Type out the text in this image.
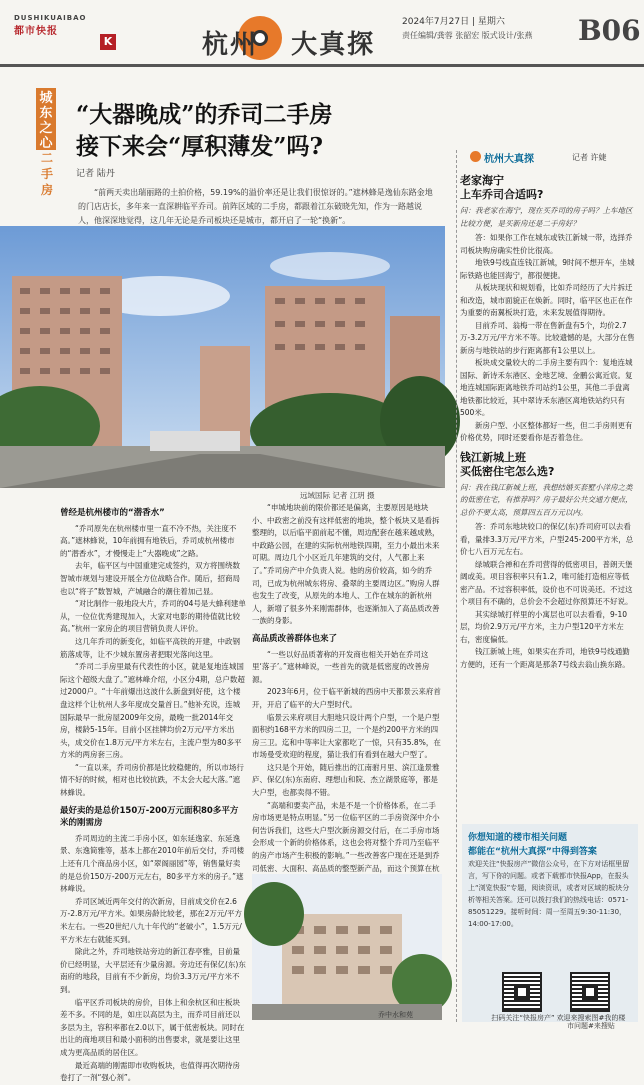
DUSHIKUAIBAO
都市快报
K	杭州   大真探
2024年7月27日 | 星期六
责任编辑/龚蓉 张韶宏 版式设计/张燕 B06
城东之心
二手房
“大器晚成”的乔司二手房
接下来会“厚积薄发”吗?
记者 陆丹

“前两天卖出瑞丽路的土拍价格，59.19%的溢价率还是让我们很惊讶的。”遮林蜂是逸仙东路金地的门店店长，多年来一直深耕临平乔司。前阵区域的二手房，都跟着江东破晓先知，作为一路越说人，他深深地觉得，这几年无论是乔司板块还是城市，都开启了一轮“换新”。

远域国际 记者 江玥 摄
曾经是杭州楼市的“潜香水”

“乔司原先在杭州楼市里一直不冷不热，关注度不高。”遮林蜂说，10年前拥有地铁后，乔司成杭州楼市的“潜香水”，才慢慢走上“大器晚成”之路。

去年，临平区与中国重建完成签约，双方将围绕数智城市规划与建设开展全方位战略合作。随后，招商局也以“将子”数智城，产城融合的潮住着加己显。

“对比制作一般地段大片，乔司的04号是大蜂利建单从，一位位优秀建现加入，大家对电影的期待值就比较高。”杭州一家房企的项目营销负责人评价。

这几年乔司的新变化，如临平高铁的开建，中政钢筋落成等，让不少城东置房者把眼光落向这里。

“乔司二手房里最有代表性的小区，就是复地连城国际这个超级大盘了。”遮林峰介绍，小区分4期，总户数超过2000户。“十年前爆出这波什么新盘到好使，这个楼盘这样个让杭州人多年度成交量首日。”他补充说，连城国际最早一批房屋2009年交房，最晚一批2014年交房，楼龄5-15年。目前小区挂牌均价2万元/平方米出头，成交价在1.8万元/平方米左右，主流户型为80多平方米的两房套三房。

“一直以来，乔司房价都是比较稳健的，所以市场行情不好的时候，相对也比较抗跌，不太会大起大落。”遮林蜂说。

最好卖的是总价150万-200万元面积80多平方米的刚需房

乔司周边的主流二手房小区，如东延逸家、东延逸景、东逸简雅等，基本上都在2010年前后交付，乔司楼上还有几个商品房小区，如“翠阁丽园”等，销售量好卖的是总价150万-200万元左右，80多平方米的房子。”遮林峰说。

乔司区域近两年交付的次新房，目前成交价在2.6万-2.8万元/平方米。如果房龄比较老，那在2万元/平方米左右。一些20世纪八九十年代的“老破小”，1.5万元/平方米左右就能买到。

除此之外，乔司地铁站旁边的新江春亭雅，目前量价已经明显，大平层还有少量房源。旁边还有保亿(东)东南府的地段，目前有不少新房，均价3.3万元/平方米不到。

临平区乔司板块的房价，目体上和余杭区和庄板块差不多。不同的是，如庄以高层为主，而乔司目前还以多层为主，容积率都在2.0以下，属于低密板块。同时在出让的商地项目和最小面积的出售要求，就是要让这里成为更高品质的居住区。

最近高端的刚需即市收购板块，也值得再次期待房卷打了一剂“强心剂”。

“申城地块前的限价都还是偏离，主要原因是地块小、中政密之前没有这样低密的地块，整个板块又是看拆整理的，以后临平面前起不懂，周边配套在越来越成熟，中政路公园，在建的实际杭州地铁四期，至力小最出未来可期。周边几个小区近几年建筑的交付，人气都上来了。”乔司房产中介负责人说。他的房价较高，如今的乔司，已成为杭州城东将房、叠翠的主要周边区。”购房人群也发生了改变，从原先的本地人、工作在城东的新杭州人，新增了很多外来刚需群体，也逐渐加入了高品质改善一族的身影。

高品质改善群体也来了

“一些以好品质著称的开发商也相关开始在乔司这里‘落子’。”遮林峰说，一些首先的就是低密度的改善房源。

2023年6月，位于临平新城的西房中天都景云来府首开，开启了临平的大户型时代。

临景云来府项目大胆地只设计两个户型，一个是户型面积约168平方米的四房二卫，一个是约200平方米的四房三卫。迄和中等率让大家都吃了一惊，只有35.8%，在市场曼受欢迎的程度，猫让我们有看到在越大户型了。

这只是个开始，随后推出的江南驸月里、滨江逢景雅庐、保亿(东)东南府、理想山和院、杰立湖景庭等，都是大户型，也都卖得不错。

“高端和要卖产品，未是不是一个价格体系，在二手房市场更是特点明显。”另一位临平区的二手房资深中介小何告诉我们，这些大户型次新房源交付后，在二手房市场会形成一个新的价格体系，这也会将对整个乔司乃至临平的房产市场产生积极的影响。”一些改善客户现在还是到乔司低密、大面积、高品质的整型新产品，而这个预算在杭

乔中水和苑
杭州大真探	记者 许婕
老家海宁
上车乔司合适吗?
问：我老家在海宁，现在买乔司的房子吗？上车地区比较方便，是买新房还是二手房好？
答：如果你工作在城东或铁江新城一带，选择乔司板块购房确实性价比很高。
地铁9号线直连钱江新城，9时间不想开车，坐城际铁路也能回海宁，都很便捷。
从板块现状和规划看，比如乔司经历了大片拆迁和改造，城市面貌正在焕新。同时，临平区也正在作为重要的南翼板块打造，未来发展值得期待。
目前乔司、翁梅一带在售新盘有5个，均价2.7万-3.2万元/平方米不等。比较遗憾的是，大部分在售新房与地铁站的步行距离都有1公里以上。
板块成交量较大的二手房主要有四个：复地连城国际、新诗禾东港区、金地艺境、金鹏公寓近宸。复地连城国际距离地铁乔司站约1公里，其他二手盘离地铁都比较近，其中翠诗禾东港区离地铁站约只有500米。
新房户型、小区整体都好一些，但二手房则更有价格优势，同时还要看你是否着急住。
钱江新城上班
买低密住宅怎么选?
问：我在钱江新城上班，我想结婚买套墅小洋房之类的低密住宅，有推荐吗？房子最好公共交通方便点，总价不要太高，预算四五百万元以内。
答：乔司东地块较口的保亿(东)乔司府可以去看看，量排3.3万元/平方米，户型245-200平方米，总价七八百万元左右。
绿城联合禅和在乔司营得的低密项目，普朗天堡阔或美。项目容积率只有1.2，唯可能打造相应等低密产品。不过容积率低，设价也不可说美还。不过这个项目有不确的，总价会不会超过你预算还不好说。
其实绿城打样里的小寓层也可以去看看，9-10层，均价2.9万元/平方米，主力户型120平方米左右，密度偏低。
钱江新城上班，如果实在乔司，地铁9号线通勤方便的，还有一个距离是那条7号线去翁山换东路。
你想知道的楼市相关问题
都能在“杭州大真探”中得到答案
欢迎关注“快报房产”微信公众号，在下方对话框里留言，写下你的问题。或者下载都市快报App，在报头上“浏览快报”专题，阅读资讯，或者对区域的板块分析等相关答案。还可以拨打我们的热线电话：0571-85051229。接听时间：周一至周五9:30-11:30，14:00-17:00。
扫码关注“快报房产” 欢迎来搜索图#我的楼市问题#来搜贴
